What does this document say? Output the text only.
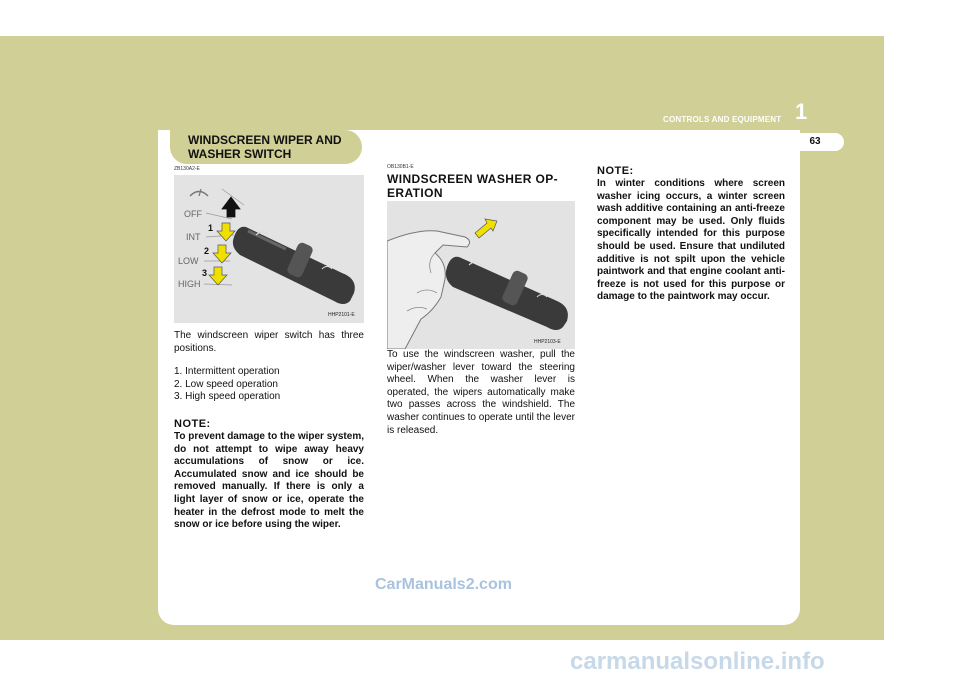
CONTROLS AND EQUIPMENT 1
63
WINDSCREEN WIPER AND
WASHER SWITCH
ZB130A2-E
OFF
INT
LOW
HIGH
1
2
3
HHP2101-E
The windscreen wiper switch has three positions.
1. Intermittent operation
2. Low speed operation
3. High speed operation
NOTE:
To prevent damage to the wiper system, do not attempt to wipe away heavy accumulations of snow or ice. Accumulated snow and ice should be removed manually. If there is only a light layer of snow or ice, operate the heater in the defrost mode to melt the snow or ice before using the wiper.
OB130B1-E
WINDSCREEN WASHER OP-
ERATION
HHP2103-E
To use the windscreen washer, pull the wiper/washer lever toward the steering wheel. When the washer lever is operated, the wipers automatically make two passes across the windshield. The washer continues to operate until the lever is released.
NOTE:
In winter conditions where screen washer icing occurs, a winter screen wash additive containing an anti-freeze component may be used. Only fluids specifically intended for this purpose should be used. Ensure that undiluted additive is not spilt upon the vehicle paintwork and that engine coolant anti-freeze is not used for this purpose or damage to the paintwork may occur.
CarManuals2.com
carmanualsonline.info
